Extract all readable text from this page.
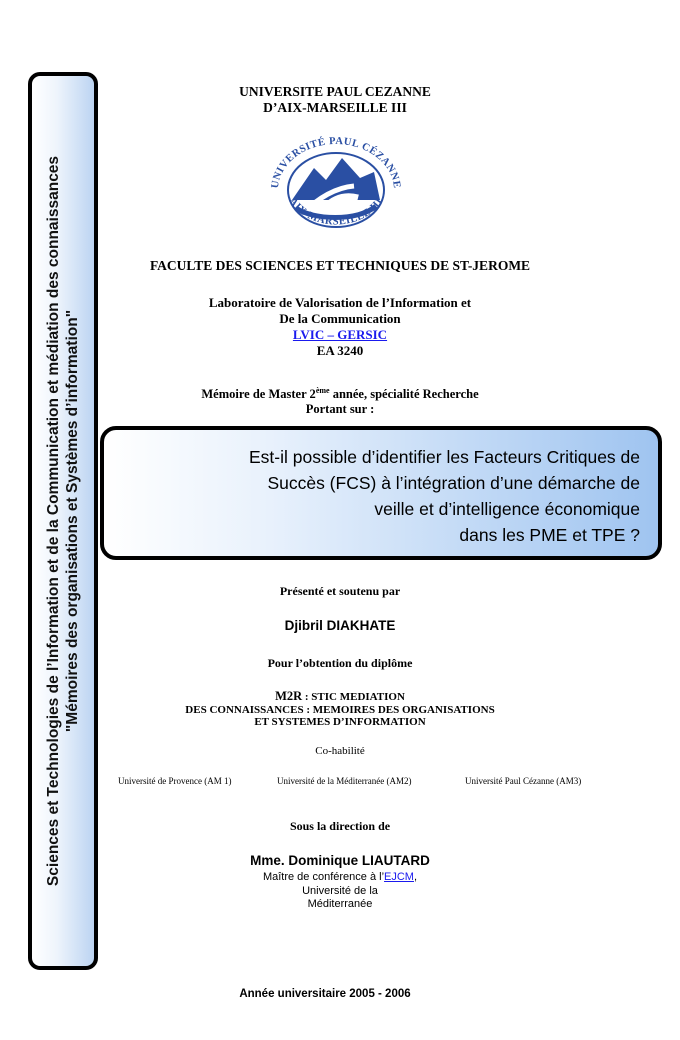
Sciences et Technologies de l’Information et de la Communication et médiation des connaissances "Mémoires des organisations et Systèmes d’information"
UNIVERSITE PAUL CEZANNE
D’AIX-MARSEILLE III
UNIVERSITÉ PAUL CÉZANNE
AIX-MARSEILLE III
FACULTE DES SCIENCES ET TECHNIQUES DE ST-JEROME
Laboratoire de Valorisation de l’Information et
De la Communication
LVIC – GERSIC
EA 3240
Mémoire de Master 2ème année, spécialité Recherche
Portant sur :
Est-il possible d’identifier les Facteurs Critiques de
Succès (FCS) à l’intégration d’une démarche de
veille et d’intelligence économique
dans les PME et TPE ?
Présenté et soutenu par
Djibril DIAKHATE
Pour l’obtention du diplôme
M2R : STIC MEDIATION
DES CONNAISSANCES : MEMOIRES DES ORGANISATIONS
ET SYSTEMES D’INFORMATION
Co-habilité
Université de Provence (AM 1)	Université de la Méditerranée (AM2)	Université Paul Cézanne (AM3)
Sous la direction de
Mme. Dominique LIAUTARD
Maître de conférence à l’EJCM,
Université de la
Méditerranée
Année universitaire 2005 - 2006
